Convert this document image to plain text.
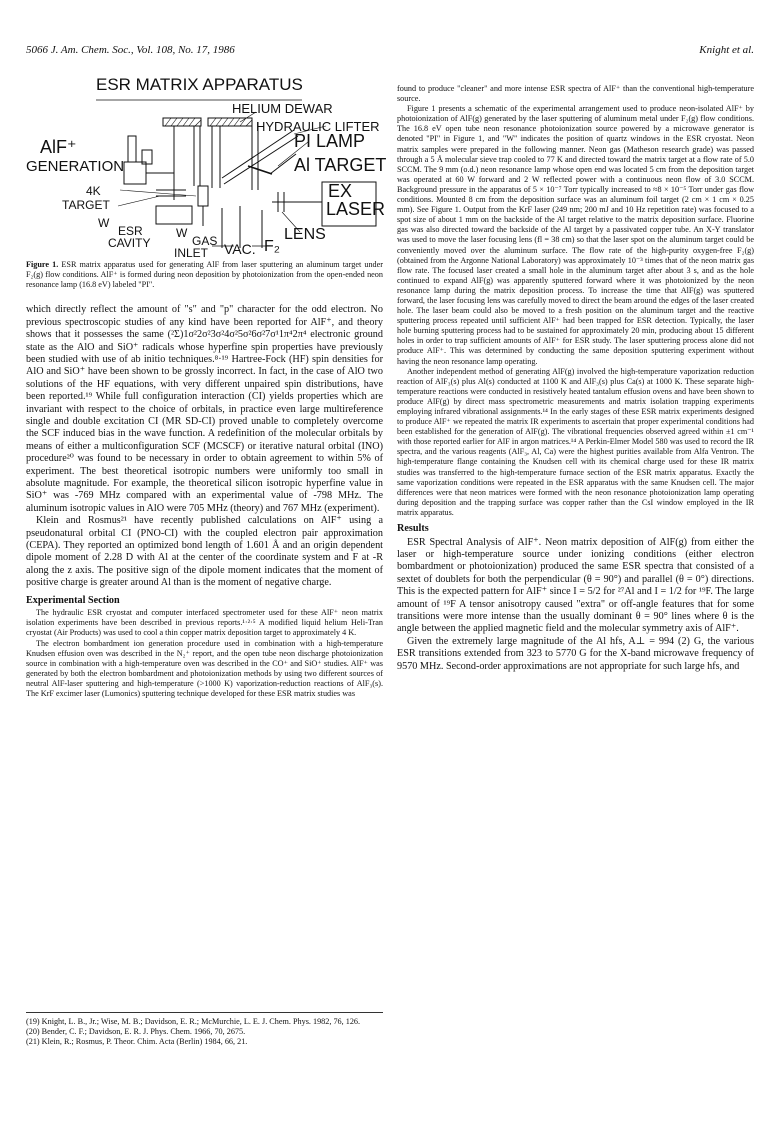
5066 J. Am. Chem. Soc., Vol. 108, No. 17, 1986	Knight et al.
ESR MATRIX APPARATUS
HELIUM DEWAR
HYDRAULIC LIFTER
PI LAMP
Al TARGET
AlF⁺
GENERATION
4K
TARGET
W
EX
LASER
ESR
CAVITY
W
GAS
INLET VAC.
LENS
F₂
Figure 1. ESR matrix apparatus used for generating AlF from laser sputtering an aluminum target under F₂(g) flow conditions. AlF⁺ is formed during neon deposition by photoionization from the open-ended neon resonance lamp (16.8 eV) labeled "PI".

which directly reflect the amount of "s" and "p" character for the odd electron. No previous spectroscopic studies of any kind have been reported for AlF⁺, and theory shows that it possesses the same (²Σ)1σ²2σ²3σ²4σ²5σ²6σ²7σ¹1π⁴2π⁴ electronic ground state as the AlO and SiO⁺ radicals whose hyperfine spin properties have previously been studied with use of ab initio techniques.⁸·¹⁹ Hartree-Fock (HF) spin densities for AlO and SiO⁺ have been shown to be grossly incorrect. In fact, in the case of AlO two solutions of the HF equations, with very different unpaired spin distributions, have been reported.¹⁹ While full configuration interaction (CI) yields properties which are invariant with respect to the choice of orbitals, in practice even large multireference single and double excitation CI (MR SD-CI) proved unable to completely overcome the SCF induced bias in the wave function. A redefinition of the molecular orbitals by means of either a multiconfiguration SCF (MCSCF) or iterative natural orbital (INO) procedure²⁰ was found to be necessary in order to obtain agreement to within 5% of experiment. The best theoretical isotropic numbers were uniformly too small in absolute magnitude. For example, the theoretical silicon isotropic hyperfine value in SiO⁺ was -769 MHz compared with an experimental value of -798 MHz. The aluminum isotropic values in AlO were 705 MHz (theory) and 767 MHz (experiment).

Klein and Rosmus²¹ have recently published calculations on AlF⁺ using a pseudonatural orbital CI (PNO-CI) with the coupled electron pair approximation (CEPA). They reported an optimized bond length of 1.601 Å and an origin dependent dipole moment of 2.28 D with Al at the center of the coordinate system and F at -R along the z axis. The positive sign of the dipole moment indicates that the moment of positive charge is greater around Al than is the moment of negative charge.

Experimental Section

The hydraulic ESR cryostat and computer interfaced spectrometer used for these AlF⁺ neon matrix isolation experiments have been described in previous reports.¹·²·⁵ A modified liquid helium Heli-Tran cryostat (Air Products) was used to cool a thin copper matrix deposition target to approximately 4 K.

The electron bombardment ion generation procedure used in combination with a high-temperature Knudsen effusion oven was described in the N₂⁺ report, and the open tube neon discharge photoionization source in combination with a high-temperature oven was described in the CO⁺ and SiO⁺ studies. AlF⁺ was generated by both the electron bombardment and photoionization methods by using two different sources of neutral AlF-laser sputtering and high-temperature (>1000 K) vaporization-reduction reactions of AlF₃(s). The KrF excimer laser (Lumonics) sputtering technique developed for these ESR matrix studies was

(19) Knight, L. B., Jr.; Wise, M. B.; Davidson, E. R.; McMurchie, L. E. J. Chem. Phys. 1982, 76, 126.

(20) Bender, C. F.; Davidson, E. R. J. Phys. Chem. 1966, 70, 2675.

(21) Klein, R.; Rosmus, P. Theor. Chim. Acta (Berlin) 1984, 66, 21.

found to produce "cleaner" and more intense ESR spectra of AlF⁺ than the conventional high-temperature source.

Figure 1 presents a schematic of the experimental arrangement used to produce neon-isolated AlF⁺ by photoionization of AlF(g) generated by the laser sputtering of aluminum metal under F₂(g) flow conditions. The 16.8 eV open tube neon resonance photoionization source powered by a microwave generator is denoted "PI" in Figure 1, and "W" indicates the position of quartz windows in the ESR cryostat. Neon matrix samples were prepared in the following manner. Neon gas (Matheson research grade) was passed through a 5 Å molecular sieve trap cooled to 77 K and directed toward the matrix target at a flow rate of 5.0 SCCM. The 9 mm (o.d.) neon resonance lamp whose open end was located 5 cm from the deposition target was operated at 60 W forward and 2 W reflected power with a continuous neon flow of 3.0 SCCM. Background pressure in the apparatus of 5 × 10⁻⁷ Torr typically increased to ≈8 × 10⁻⁵ Torr under gas flow conditions. Mounted 8 cm from the deposition surface was an aluminum foil target (2 cm × 1 cm × 0.25 mm). See Figure 1. Output from the KrF laser (249 nm; 200 mJ and 10 Hz repetition rate) was focused to a spot size of about 1 mm on the backside of the Al target relative to the matrix deposition surface. Fluorine gas was also directed toward the backside of the Al target by a passivated copper tube. An X-Y translator was used to move the laser focusing lens (fl = 38 cm) so that the laser spot on the aluminum target could be conveniently moved over the aluminum surface. The flow rate of the high-purity oxygen-free F₂(g) (obtained from the Argonne National Laboratory) was approximately 10⁻³ times that of the neon matrix gas flow rate. The focused laser created a small hole in the aluminum target after about 3 s, and as the hole continued to expand AlF(g) was apparently sputtered forward where it was photoionized by the neon resonance lamp during the matrix deposition process. To increase the time that AlF(g) was sputtered forward, the laser focusing lens was carefully moved to direct the beam around the edges of the laser created hole. The laser beam could also be moved to a fresh position on the aluminum target and the reactive sputtering process repeated until sufficient AlF⁺ had been trapped for ESR detection. Typically, the laser hole burning sputtering process had to be sustained for approximately 20 min, producing about 15 different holes in order to trap sufficient amounts of AlF⁺ for ESR study. The laser sputtering process alone did not produce AlF⁺. This was determined by conducting the same deposition sputtering experiment without having the neon resonance lamp operating.

Another independent method of generating AlF(g) involved the high-temperature vaporization reduction reaction of AlF₃(s) plus Al(s) conducted at 1100 K and AlF₃(s) plus Ca(s) at 1000 K. These separate high-temperature reactions were conducted in resistively heated tantalum effusion ovens and have been shown to produce AlF(g) by direct mass spectrometric measurements and matrix isolation trapping experiments employing infrared vibrational assignments.¹⁴ In the early stages of these ESR matrix experiments designed to produce AlF⁺ we repeated the matrix IR experiments to ascertain that proper experimental conditions had been established for the generation of AlF(g). The vibrational frequencies observed agreed within ±1 cm⁻¹ with those reported earlier for AlF in argon matrices.¹⁴ A Perkin-Elmer Model 580 was used to record the IR spectra, and the various reagents (AlF₃, Al, Ca) were the highest purities available from Alfa Ventron. The high-temperature flange containing the Knudsen cell with its chemical charge used for these IR matrix studies was transferred to the high-temperature furnace section of the ESR matrix apparatus. Exactly the same vaporization conditions were repeated in the ESR apparatus with the same Knudsen cell. The major differences were that neon matrices were formed with the neon resonance photoionization lamp operating during deposition and the trapping surface was copper rather than the CsI window employed in the IR matrix apparatus.

Results

ESR Spectral Analysis of AlF⁺. Neon matrix deposition of AlF(g) from either the laser or high-temperature source under ionizing conditions (either electron bombardment or photoionization) produced the same ESR spectra that consisted of a sextet of doublets for both the perpendicular (θ = 90°) and parallel (θ = 0°) directions. This is the expected pattern for AlF⁺ since I = 5/2 for ²⁷Al and I = 1/2 for ¹⁹F. The large amount of ¹⁹F A tensor anisotropy caused "extra" or off-angle features that for some transitions were more intense than the usually dominant θ = 90° lines where θ is the angle between the applied magnetic field and the molecular symmetry axis of AlF⁺.

Given the extremely large magnitude of the Al hfs, A⊥ = 994 (2) G, the various ESR transitions extended from 323 to 5770 G for the X-band microwave frequency of 9570 MHz. Second-order approximations are not appropriate for such large hfs, and
